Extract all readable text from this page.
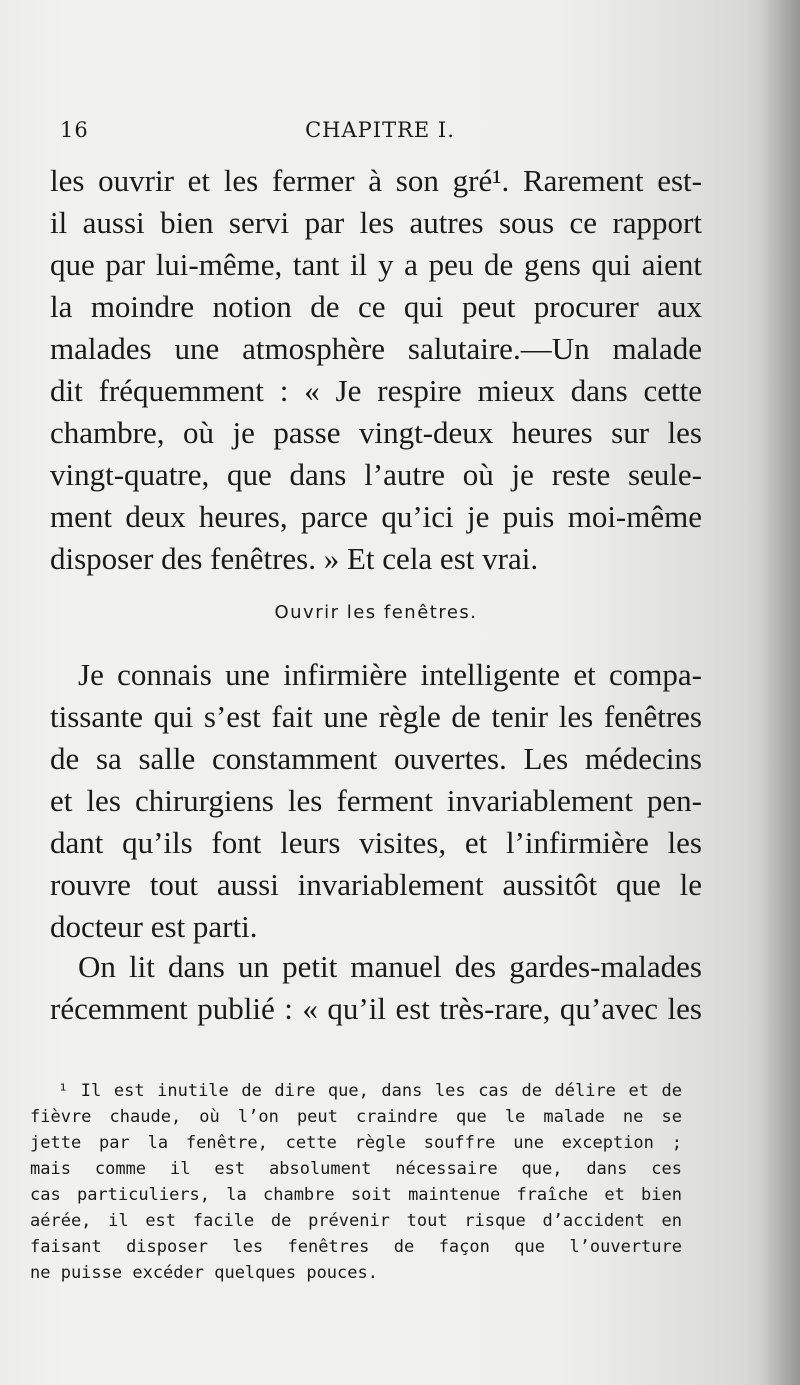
16	CHAPITRE I.
les ouvrir et les fermer à son gré¹. Rarement est-
il aussi bien servi par les autres sous ce rapport
que par lui-même, tant il y a peu de gens qui aient
la moindre notion de ce qui peut procurer aux
malades une atmosphère salutaire.—Un malade
dit fréquemment : « Je respire mieux dans cette
chambre, où je passe vingt-deux heures sur les
vingt-quatre, que dans l’autre où je reste seule-
ment deux heures, parce qu’ici je puis moi-même
disposer des fenêtres. » Et cela est vrai.
Ouvrir les fenêtres.
Je connais une infirmière intelligente et compa-
tissante qui s’est fait une règle de tenir les fenêtres
de sa salle constamment ouvertes. Les médecins
et les chirurgiens les ferment invariablement pen-
dant qu’ils font leurs visites, et l’infirmière les
rouvre tout aussi invariablement aussitôt que le
docteur est parti.
On lit dans un petit manuel des gardes-malades
récemment publié : « qu’il est très-rare, qu’avec les
¹ Il est inutile de dire que, dans les cas de délire et de
fièvre chaude, où l’on peut craindre que le malade ne se
jette par la fenêtre, cette règle souffre une exception ;
mais comme il est absolument nécessaire que, dans ces
cas particuliers, la chambre soit maintenue fraîche et bien
aérée, il est facile de prévenir tout risque d’accident en
faisant disposer les fenêtres de façon que l’ouverture
ne puisse excéder quelques pouces.
